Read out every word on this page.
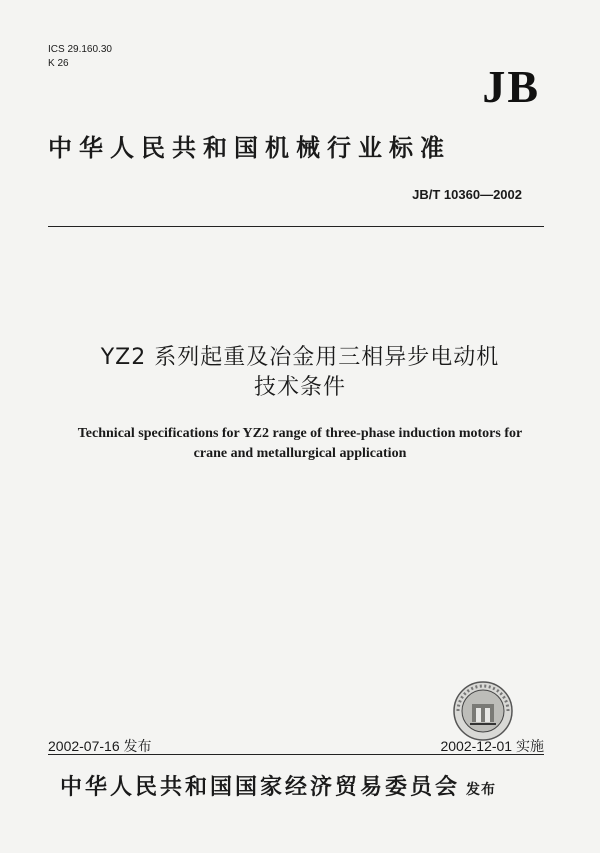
ICS 29.160.30
K 26	JB
中华人民共和国机械行业标准
JB/T 10360—2002
YZ2 系列起重及冶金用三相异步电动机
技术条件
Technical specifications for YZ2 range of three-phase induction motors for
crane and metallurgical application
2002-07-16 发布	2002-12-01 实施
中华人民共和国国家经济贸易委员会 发布
